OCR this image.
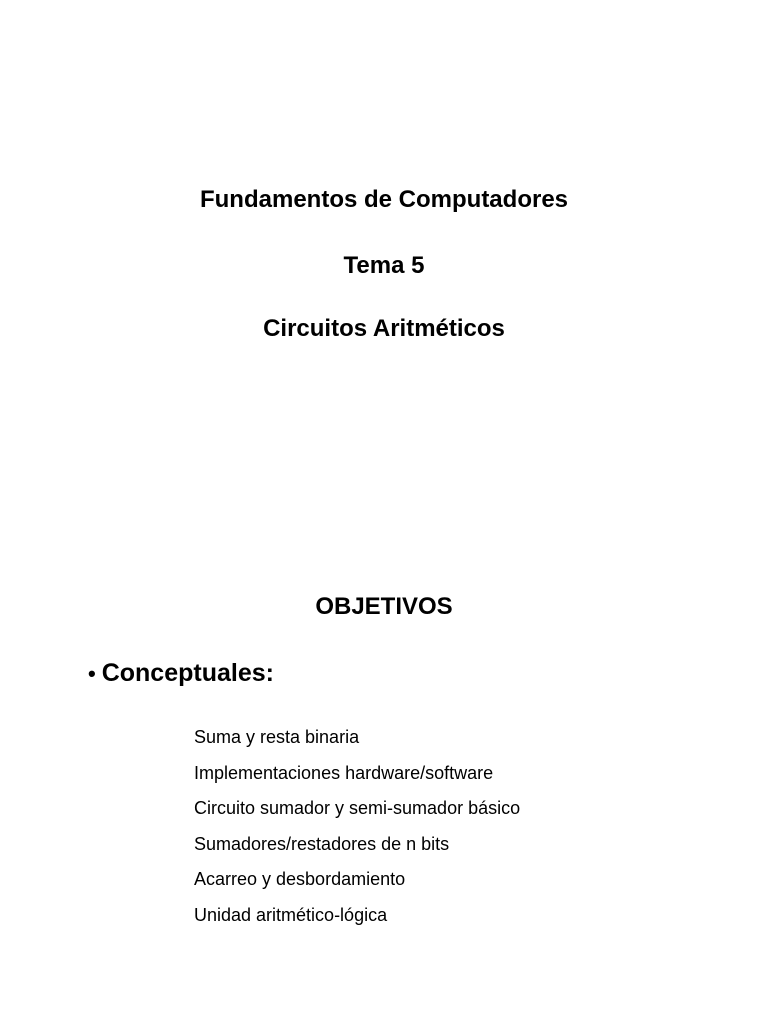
Fundamentos de Computadores
Tema 5
Circuitos Aritméticos
OBJETIVOS
• Conceptuales:
Suma y resta binaria
Implementaciones hardware/software
Circuito sumador y semi-sumador básico
Sumadores/restadores de n bits
Acarreo y desbordamiento
Unidad aritmético-lógica
